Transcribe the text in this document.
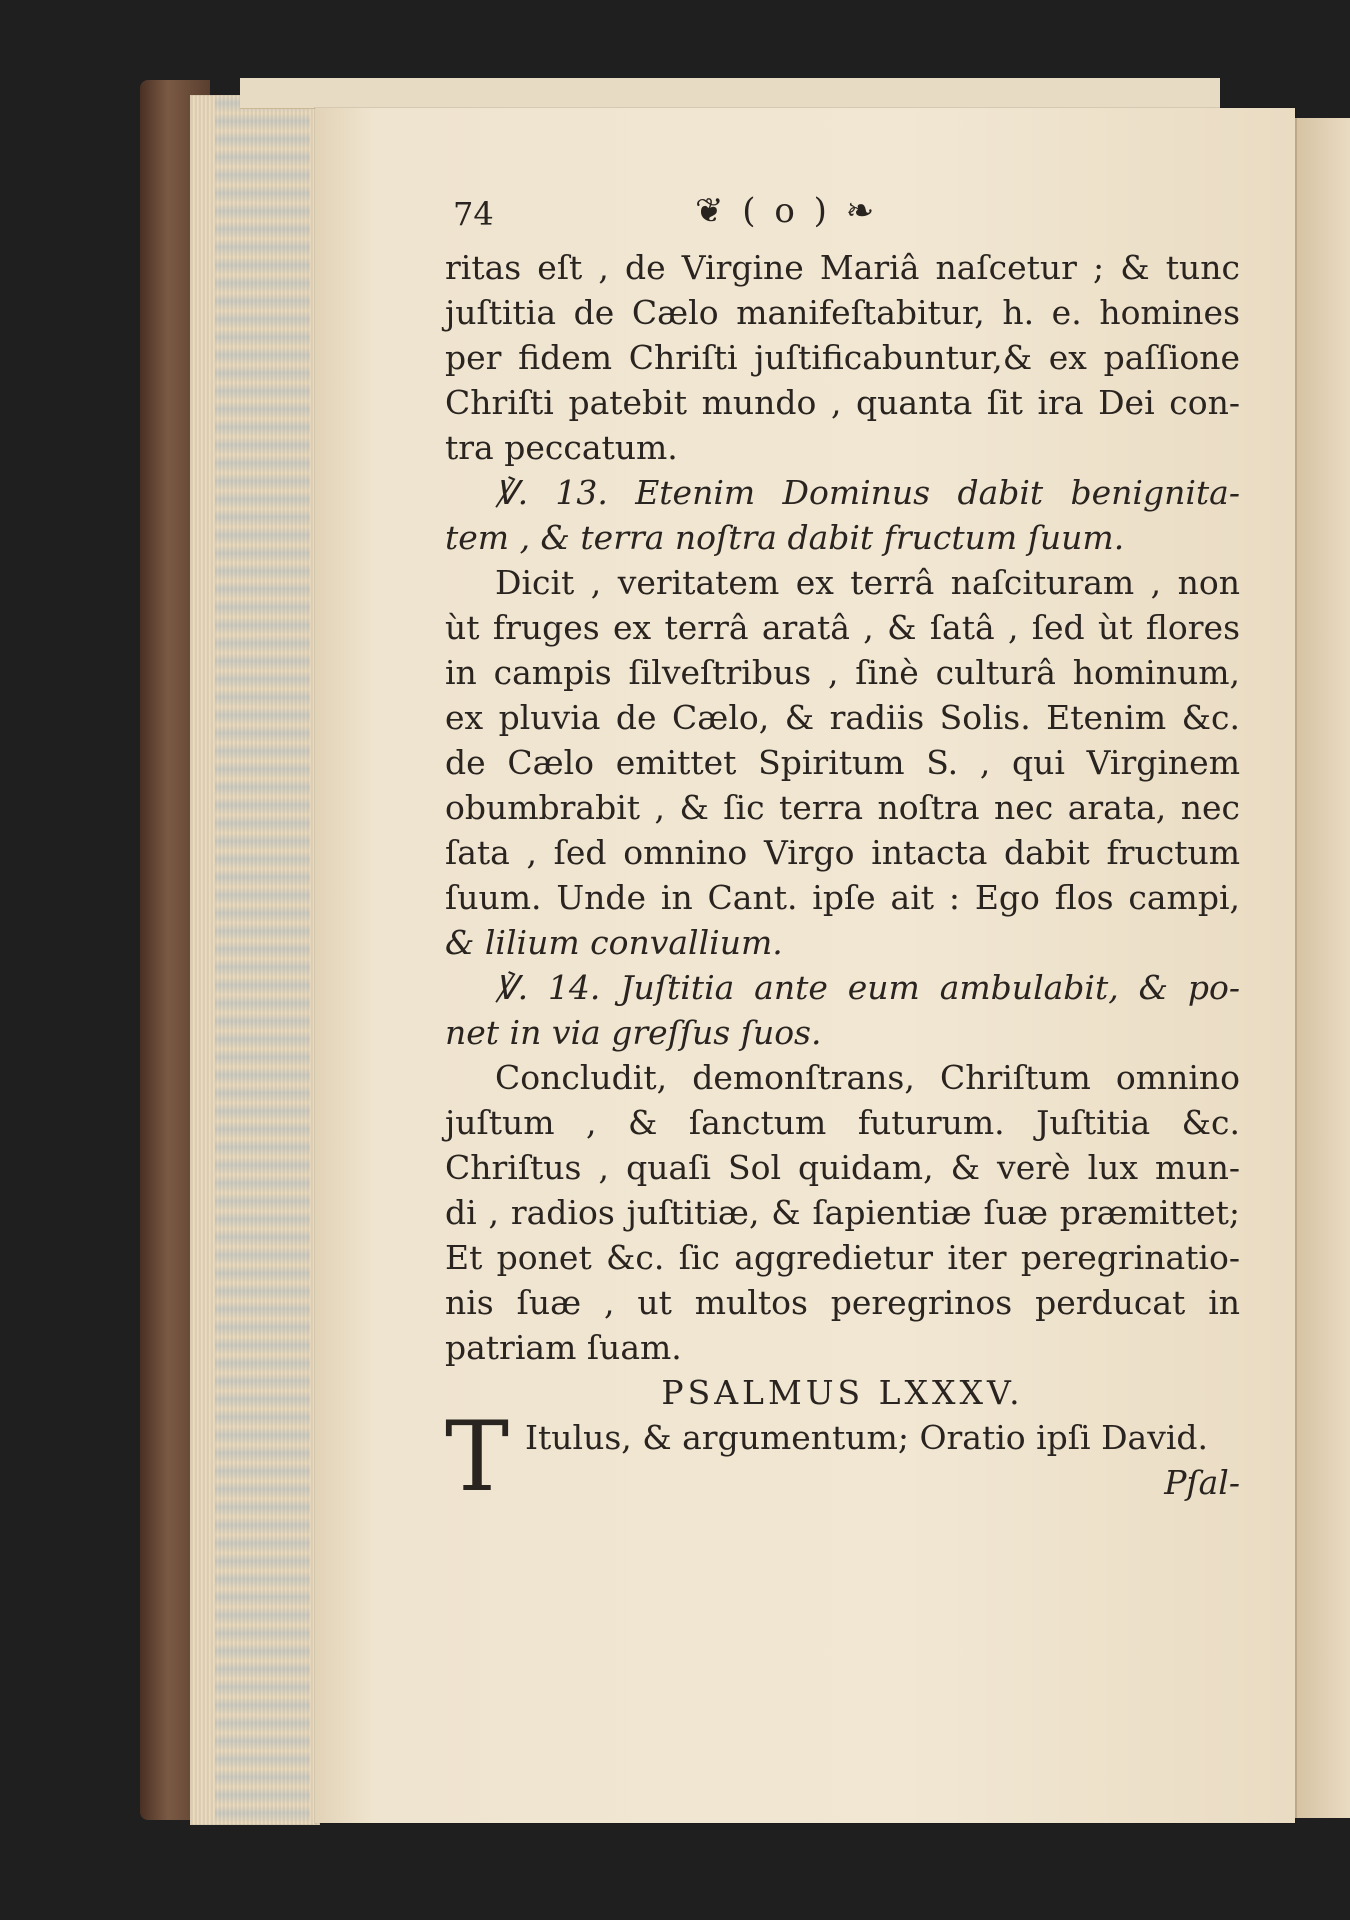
74	❦ ( o ) ❧
ritas eſt , de Virgine Mariâ naſcetur ; & tunc
juſtitia de Cælo manifeſtabitur, h. e. homines
per fidem Chriſti juſtificabuntur,& ex paſſione
Chriſti patebit mundo , quanta ſit ira Dei con-
tra peccatum.
℣. 13. Etenim Dominus dabit benignita-
tem , & terra noſtra dabit fructum ſuum.
Dicit , veritatem ex terrâ naſcituram , non
ùt fruges ex terrâ aratâ , & ſatâ , ſed ùt flores
in campis ſilveſtribus , ſinè culturâ hominum,
ex pluvia de Cælo, & radiis Solis. Etenim &c.
de Cælo emittet Spiritum S. , qui Virginem
obumbrabit , & ſic terra noſtra nec arata, nec
ſata , ſed omnino Virgo intacta dabit fructum
ſuum. Unde in Cant. ipſe ait : Ego flos campi,
& lilium convallium.
℣. 14. Juſtitia ante eum ambulabit, & po-
net in via greſſus ſuos.
Concludit, demonſtrans, Chriſtum omnino
juſtum , & ſanctum futurum. Juſtitia &c.
Chriſtus , quaſi Sol quidam, & verè lux mun-
di , radios juſtitiæ, & ſapientiæ ſuæ præmittet;
Et ponet &c. ſic aggredietur iter peregrinatio-
nis ſuæ , ut multos peregrinos perducat in
patriam ſuam.
PSALMUS LXXXV.
T Itulus, & argumentum; Oratio ipſi David.
Pſal-
